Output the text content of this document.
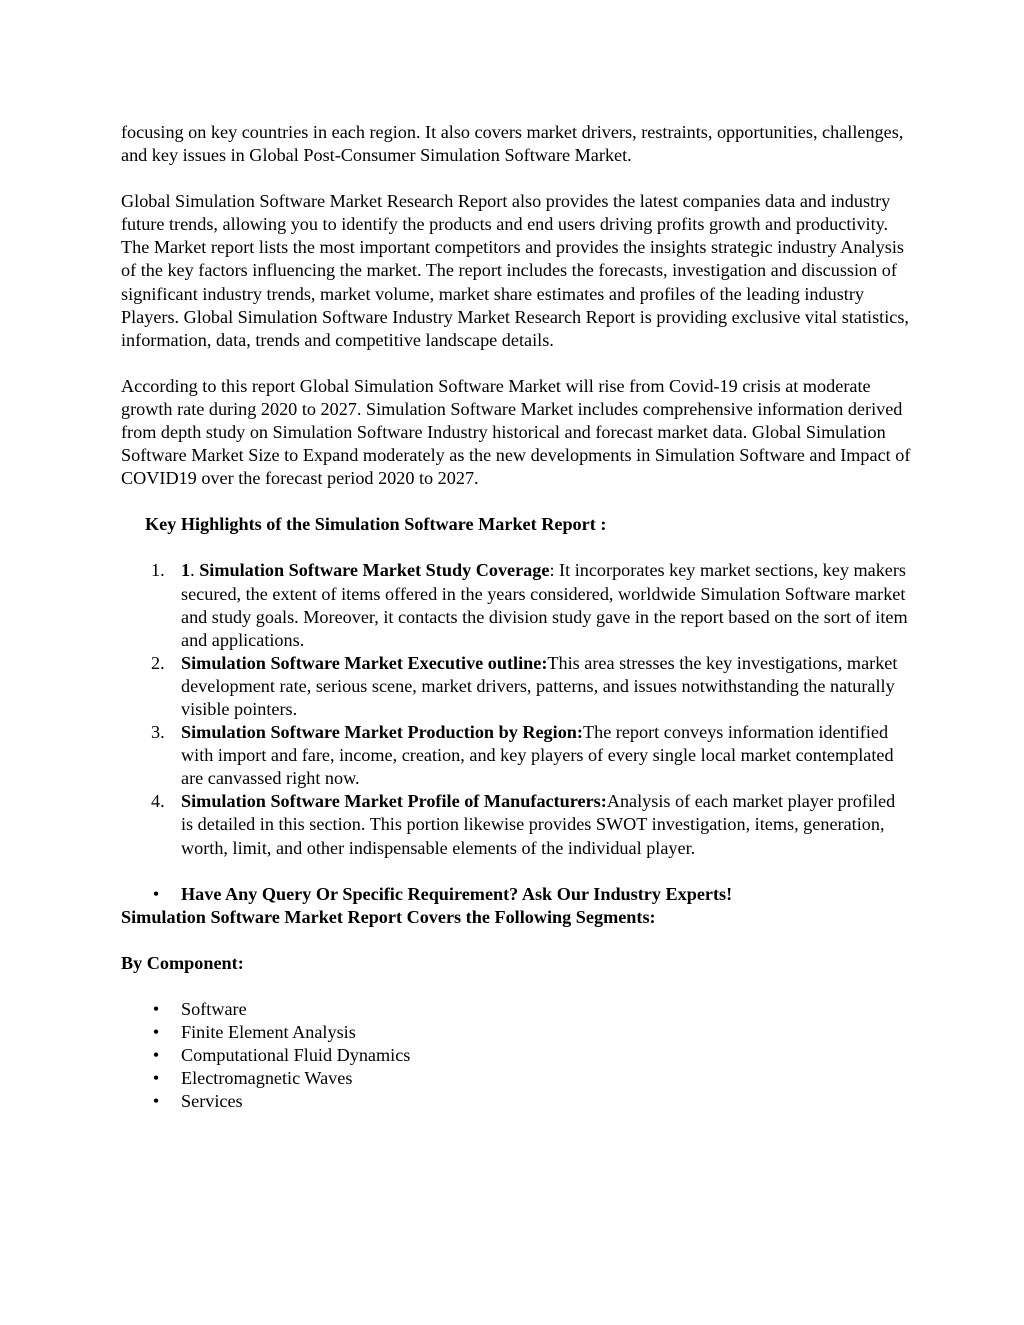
focusing on key countries in each region. It also covers market drivers, restraints, opportunities, challenges, and key issues in Global Post-Consumer Simulation Software Market.

Global Simulation Software Market Research Report also provides the latest companies data and industry future trends, allowing you to identify the products and end users driving profits growth and productivity. The Market report lists the most important competitors and provides the insights strategic industry Analysis of the key factors influencing the market. The report includes the forecasts, investigation and discussion of significant industry trends, market volume, market share estimates and profiles of the leading industry Players. Global Simulation Software Industry Market Research Report is providing exclusive vital statistics, information, data, trends and competitive landscape details.

According to this report Global Simulation Software Market will rise from Covid-19 crisis at moderate growth rate during 2020 to 2027. Simulation Software Market includes comprehensive information derived from depth study on Simulation Software Industry historical and forecast market data. Global Simulation Software Market Size to Expand moderately as the new developments in Simulation Software and Impact of COVID19 over the forecast period 2020 to 2027.

Key Highlights of the Simulation Software Market Report :

1. 1. Simulation Software Market Study Coverage: It incorporates key market sections, key makers secured, the extent of items offered in the years considered, worldwide Simulation Software market and study goals. Moreover, it contacts the division study gave in the report based on the sort of item and applications.
2. Simulation Software Market Executive outline:This area stresses the key investigations, market development rate, serious scene, market drivers, patterns, and issues notwithstanding the naturally visible pointers.
3. Simulation Software Market Production by Region:The report conveys information identified with import and fare, income, creation, and key players of every single local market contemplated are canvassed right now.
4. Simulation Software Market Profile of Manufacturers:Analysis of each market player profiled is detailed in this section. This portion likewise provides SWOT investigation, items, generation, worth, limit, and other indispensable elements of the individual player.
• Have Any Query Or Specific Requirement? Ask Our Industry Experts!

Simulation Software Market Report Covers the Following Segments:

By Component:

• Software
• Finite Element Analysis
• Computational Fluid Dynamics
• Electromagnetic Waves
• Services
